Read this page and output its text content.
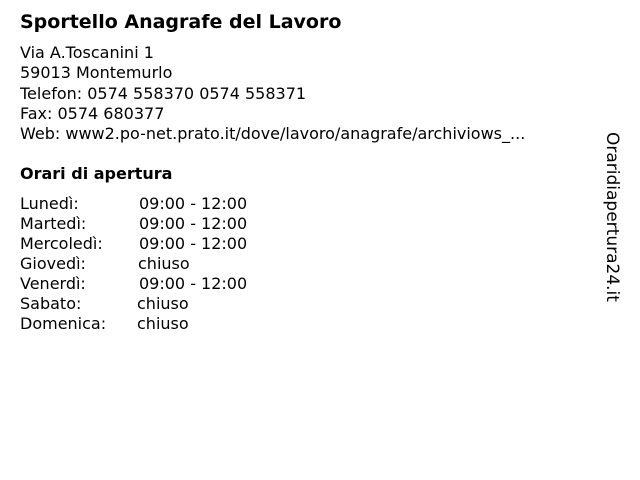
Sportello Anagrafe del Lavoro
Via A.Toscanini 1
59013 Montemurlo
Telefon: 0574 558370 0574 558371
Fax: 0574 680377
Web: www2.po-net.prato.it/dove/lavoro/anagrafe/archiviows_...
Orari di apertura
Lunedì:	09:00 - 12:00
Martedì:	09:00 - 12:00
Mercoledì: 09:00 - 12:00
Giovedì:	chiuso
Venerdì:	09:00 - 12:00
Sabato:	chiuso
Domenica: chiuso
Oraridiapertura24.it
